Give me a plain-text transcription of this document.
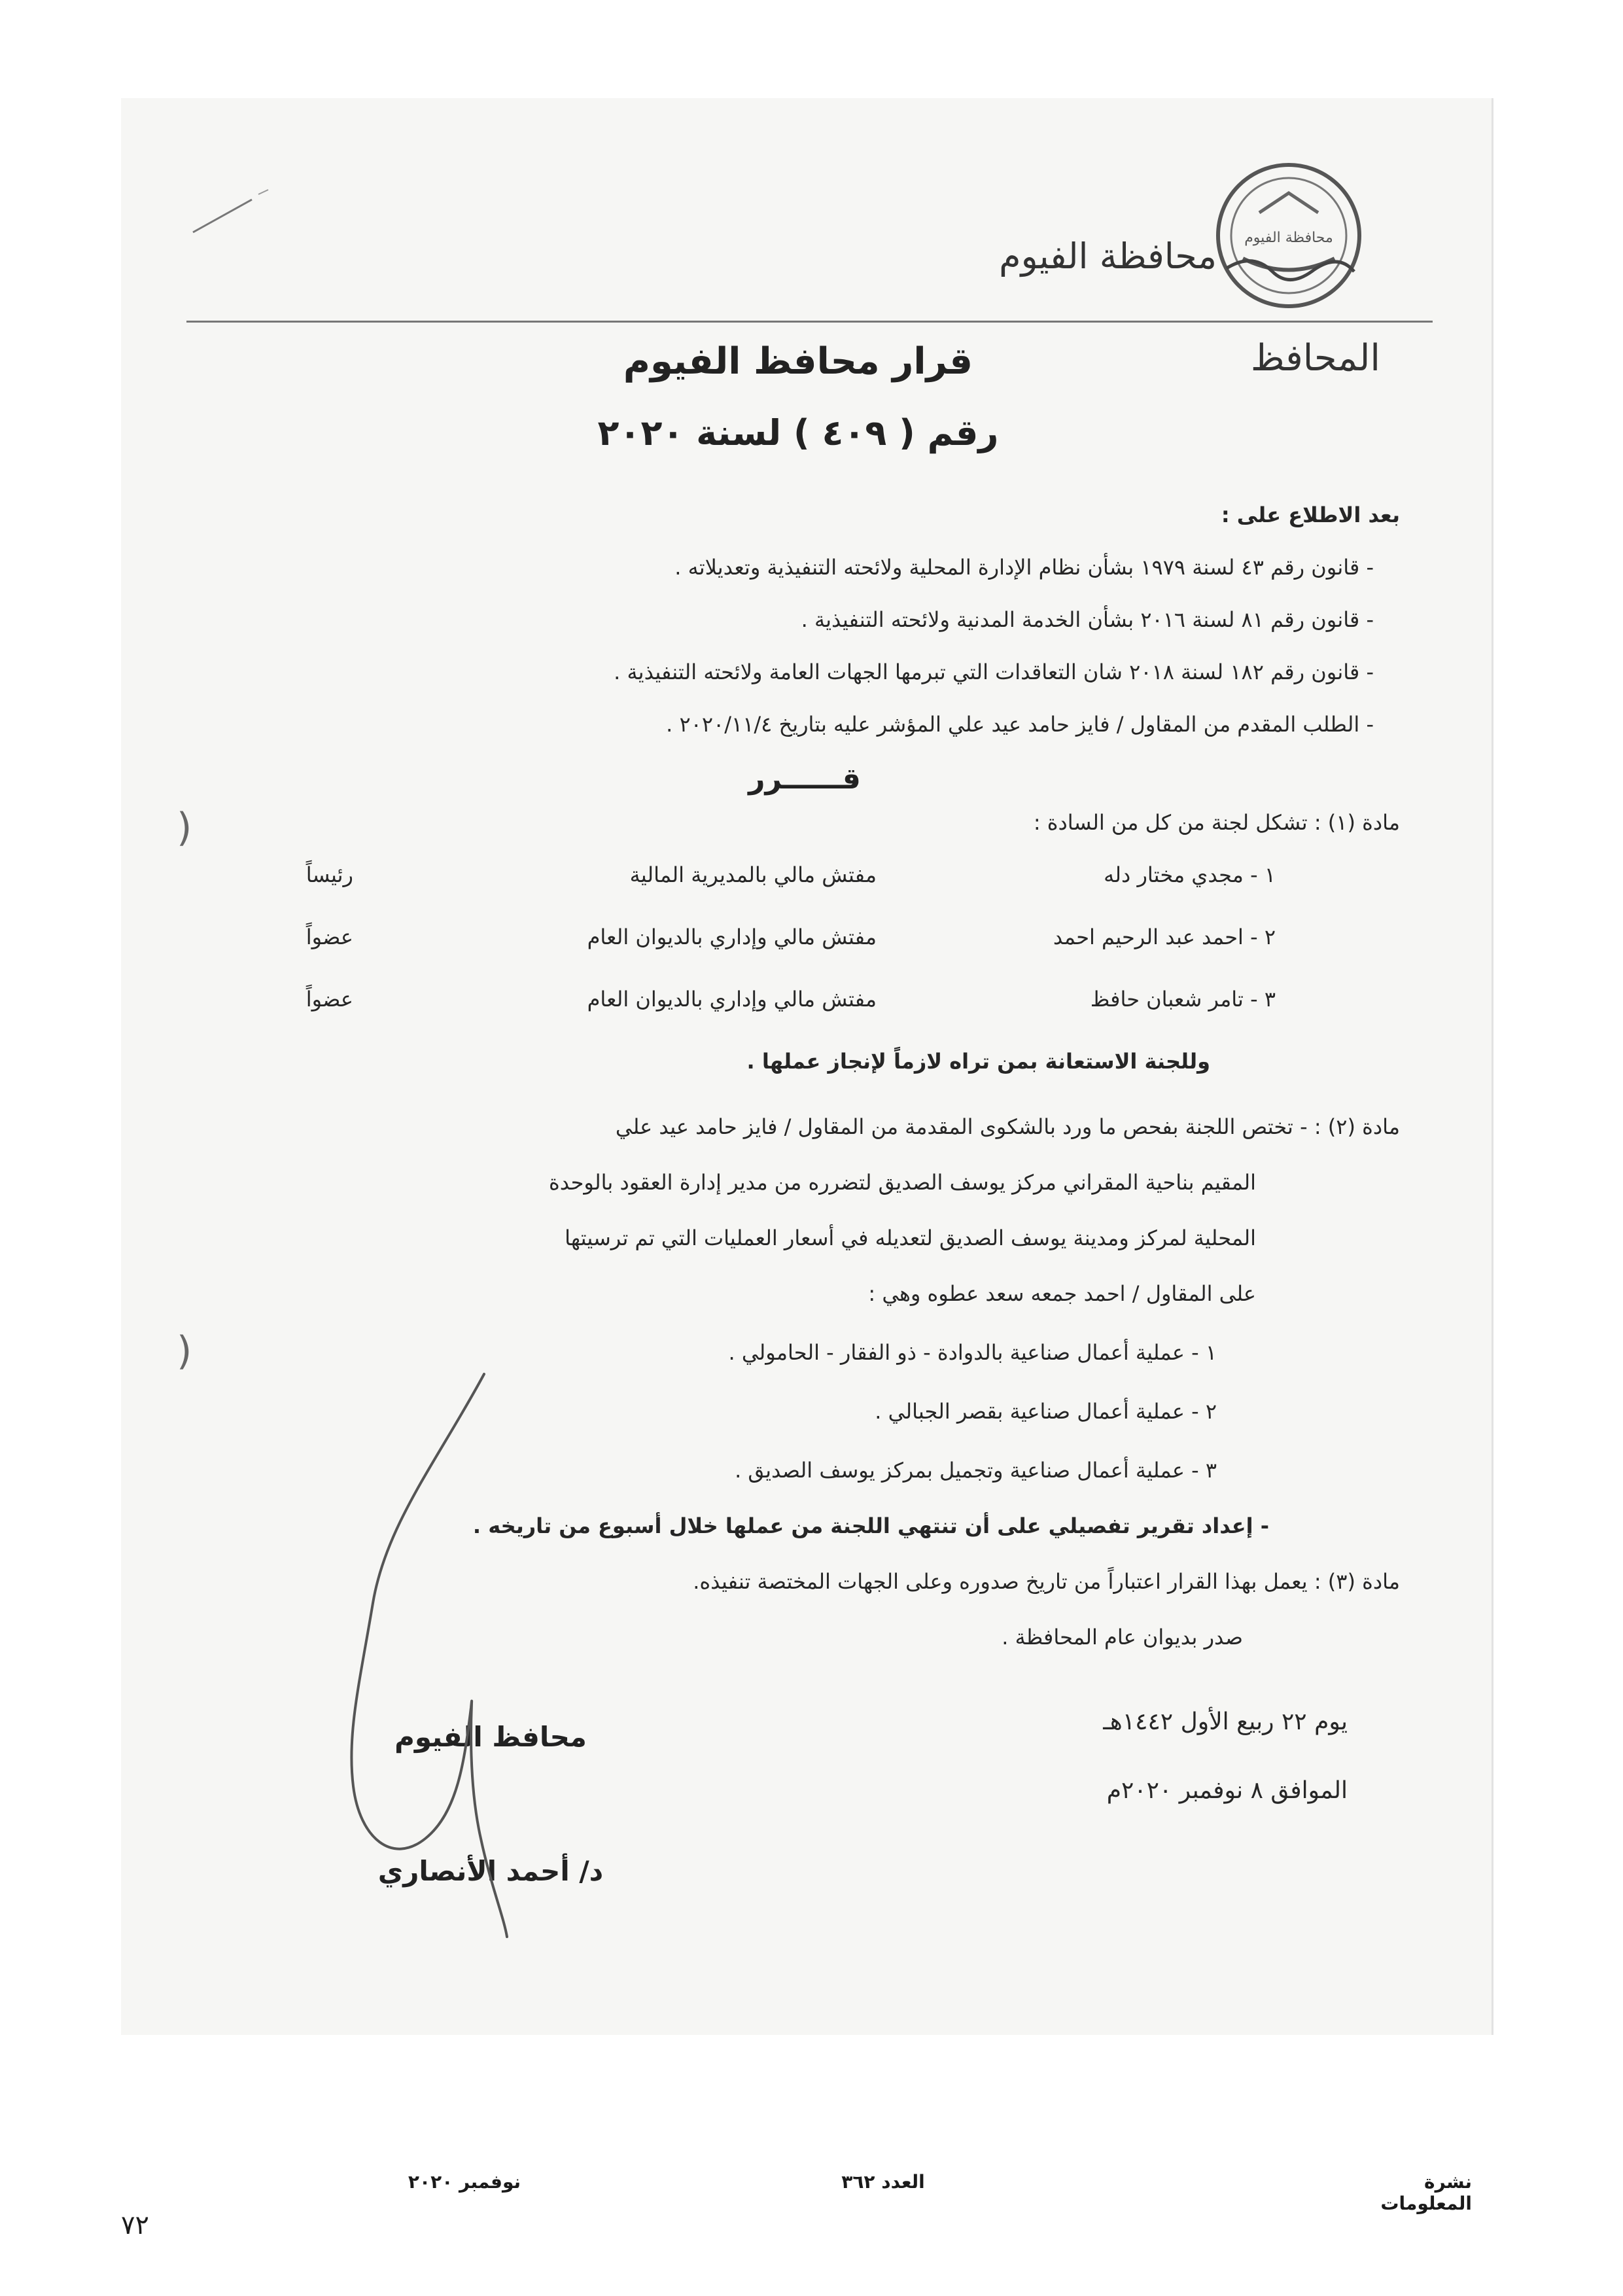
محافظة الفيوم
محافظة الفيوم
المحافظ
قرار محافظ الفيوم
رقم ( ٤٠٩ ) لسنة ٢٠٢٠
بعد الاطلاع على :
- قانون رقم ٤٣ لسنة ١٩٧٩ بشأن نظام الإدارة المحلية ولائحته التنفيذية وتعديلاته .
- قانون رقم ٨١ لسنة ٢٠١٦ بشأن الخدمة المدنية ولائحته التنفيذية .
- قانون رقم ١٨٢ لسنة ٢٠١٨ شان التعاقدات التي تبرمها الجهات العامة ولائحته التنفيذية .
- الطلب المقدم من المقاول / فايز حامد عيد علي المؤشر عليه بتاريخ ٢٠٢٠/١١/٤ .
قــــــرر
مادة (١) : تشكل لجنة من كل من السادة :
١ - مجدي مختار دله
مفتش مالي بالمديرية المالية
رئيساً
٢ - احمد عبد الرحيم احمد
مفتش مالي وإداري بالديوان العام
عضواً
٣ - تامر شعبان حافظ
مفتش مالي وإداري بالديوان العام
عضواً
وللجنة الاستعانة بمن تراه لازماً لإنجاز عملها .
مادة (٢) : - تختص اللجنة بفحص ما ورد بالشكوى المقدمة من المقاول / فايز حامد عيد علي
المقيم بناحية المقراني مركز يوسف الصديق لتضرره من مدير إدارة العقود بالوحدة
المحلية لمركز ومدينة يوسف الصديق لتعديله في أسعار العمليات التي تم ترسيتها
على المقاول / احمد جمعه سعد عطوه وهي :
١ - عملية أعمال صناعية بالدوادة - ذو الفقار - الحامولي .
٢ - عملية أعمال صناعية بقصر الجبالي .
٣ - عملية أعمال صناعية وتجميل بمركز يوسف الصديق .
- إعداد تقرير تفصيلي على أن تنتهي اللجنة من عملها خلال أسبوع من تاريخه .
مادة (٣) : يعمل بهذا القرار اعتباراً من تاريخ صدوره وعلى الجهات المختصة تنفيذه.
صدر بديوان عام المحافظة .
يوم ٢٢ ربيع الأول ١٤٤٢هـ
الموافق ٨ نوفمبر ٢٠٢٠م
محافظ الفيوم
د/ أحمد الأنصاري
)
)
نشرة المعلومات
العدد ٣٦٢
نوفمبر ٢٠٢٠
٧٢
